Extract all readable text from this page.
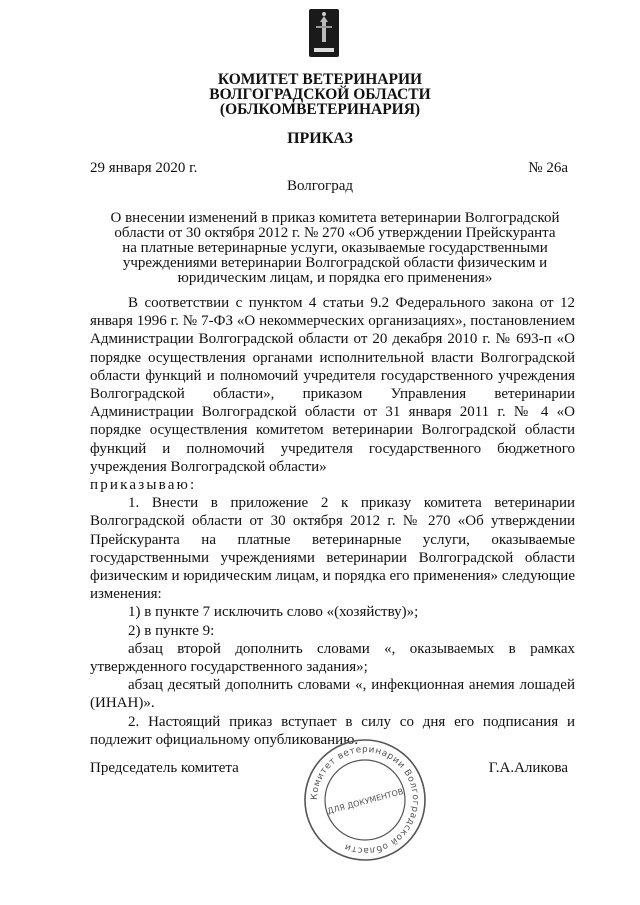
КОМИТЕТ ВЕТЕРИНАРИИ
ВОЛГОГРАДСКОЙ ОБЛАСТИ
(ОБЛКОМВЕТЕРИНАРИЯ)
ПРИКАЗ
29 января 2020 г.	№ 26а
Волгоград
О внесении изменений в приказ комитета ветеринарии Волгоградской
области от 30 октября 2012 г. № 270 «Об утверждении Прейскуранта
на платные ветеринарные услуги, оказываемые государственными
учреждениями ветеринарии Волгоградской области физическим и
юридическим лицам, и порядка его применения»

В соответствии с пунктом 4 статьи 9.2 Федерального закона от 12 января 1996 г. № 7-ФЗ «О некоммерческих организациях», постановлением Администрации Волгоградской области от 20 декабря 2010 г. № 693-п «О порядке осуществления органами исполнительной власти Волгоградской области функций и полномочий учредителя государственного учреждения Волгоградской области», приказом Управления ветеринарии Администрации Волгоградской области от 31 января 2011 г. № 4 «О порядке осуществления комитетом ветеринарии Волгоградской области функций и полномочий учредителя государственного бюджетного учреждения Волгоградской области»

приказываю:

1. Внести в приложение 2 к приказу комитета ветеринарии Волгоградской области от 30 октября 2012 г. № 270 «Об утверждении Прейскуранта на платные ветеринарные услуги, оказываемые государственными учреждениями ветеринарии Волгоградской области физическим и юридическим лицам, и порядка его применения» следующие изменения:

1) в пункте 7 исключить слово «(хозяйству)»;

2) в пункте 9:

абзац второй дополнить словами «, оказываемых в рамках утвержденного государственного задания»;

абзац десятый дополнить словами «, инфекционная анемия лошадей (ИНАН)».

2. Настоящий приказ вступает в силу со дня его подписания и подлежит официальному опубликованию.

Председатель комитета	Г.А.Аликова
Комитет ветеринарии Волгоградской области
ДЛЯ ДОКУМЕНТОВ
